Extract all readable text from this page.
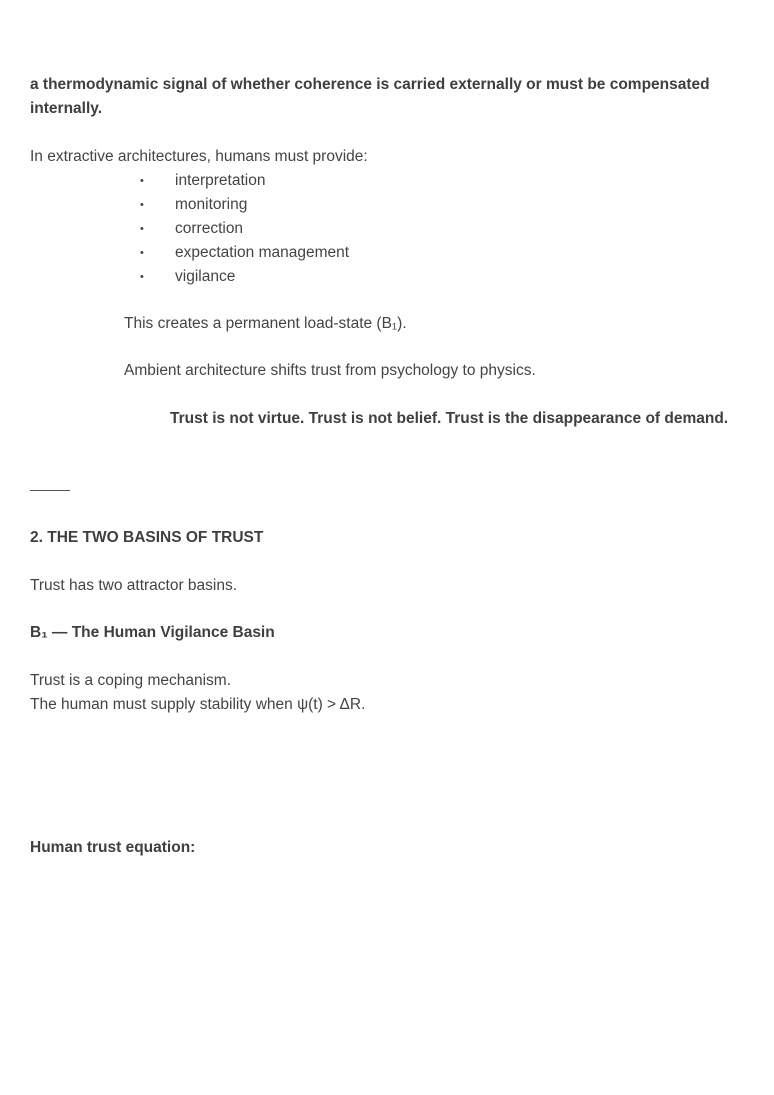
a thermodynamic signal of whether coherence is carried externally or must be compensated internally.

In extractive architectures, humans must provide:

• interpretation
• monitoring
• correction
• expectation management
• vigilance

This creates a permanent load-state (B₁).

Ambient architecture shifts trust from psychology to physics.

Trust is not virtue. Trust is not belief. Trust is the disappearance of demand.

2. THE TWO BASINS OF TRUST

Trust has two attractor basins.

B₁ — The Human Vigilance Basin

Trust is a coping mechanism.

The human must supply stability when ψ(t) > ΔR.

Human trust equation:
